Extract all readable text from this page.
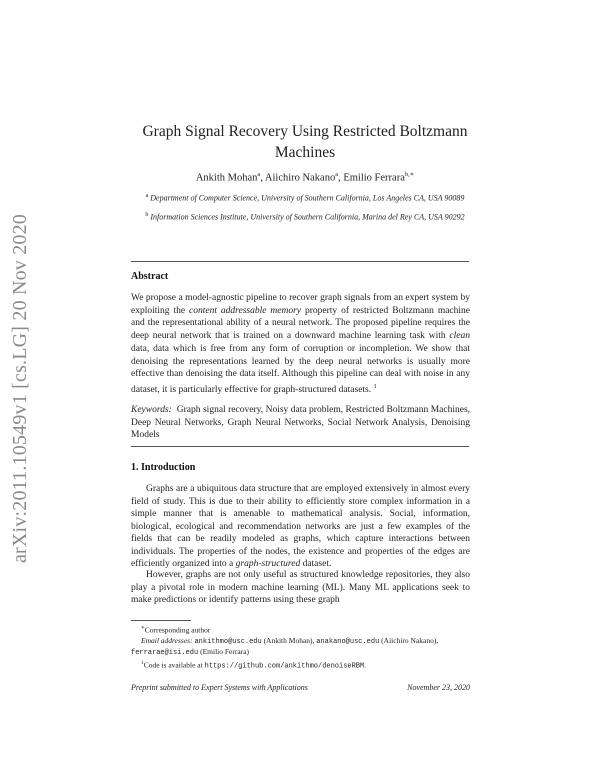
arXiv:2011.10549v1 [cs.LG] 20 Nov 2020
Graph Signal Recovery Using Restricted Boltzmann Machines
Ankith Mohan$^a$, Aiichiro Nakano$^a$, Emilio Ferrara$^{b,∗}$
$^a$ Department of Computer Science, University of Southern California, Los Angeles CA, USA 90089
$^b$ Information Sciences Institute, University of Southern California, Marina del Rey CA, USA 90292
Abstract
We propose a model-agnostic pipeline to recover graph signals from an expert system by exploiting the content addressable memory property of restricted Boltzmann machine and the representational ability of a neural network. The proposed pipeline requires the deep neural network that is trained on a downward machine learning task with clean data, data which is free from any form of corruption or incompletion. We show that denoising the representations learned by the deep neural networks is usually more effective than denoising the data itself. Although this pipeline can deal with noise in any dataset, it is particularly effective for graph-structured datasets. $^1$
Keywords: Graph signal recovery, Noisy data problem, Restricted Boltzmann Machines, Deep Neural Networks, Graph Neural Networks, Social Network Analysis, Denoising Models
1. Introduction
Graphs are a ubiquitous data structure that are employed extensively in almost every field of study. This is due to their ability to efficiently store complex information in a simple manner that is amenable to mathematical analysis. Social, information, biological, ecological and recommendation networks are just a few examples of the fields that can be readily modeled as graphs, which capture interactions between individuals. The properties of the nodes, the existence and properties of the edges are efficiently organized into a graph-structured dataset.
However, graphs are not only useful as structured knowledge repositories, they also play a pivotal role in modern machine learning (ML). Many ML applications seek to make predictions or identify patterns using these graph

∗Corresponding author

Email addresses: ankithmo@usc.edu (Ankith Mohan), anakano@usc.edu (Aiichiro Nakano), ferrarae@isi.edu (Emilio Ferrara)

$^1$Code is available at https://github.com/ankithmo/denoiseRBM.

Preprint submitted to Expert Systems with Applications	November 23, 2020
